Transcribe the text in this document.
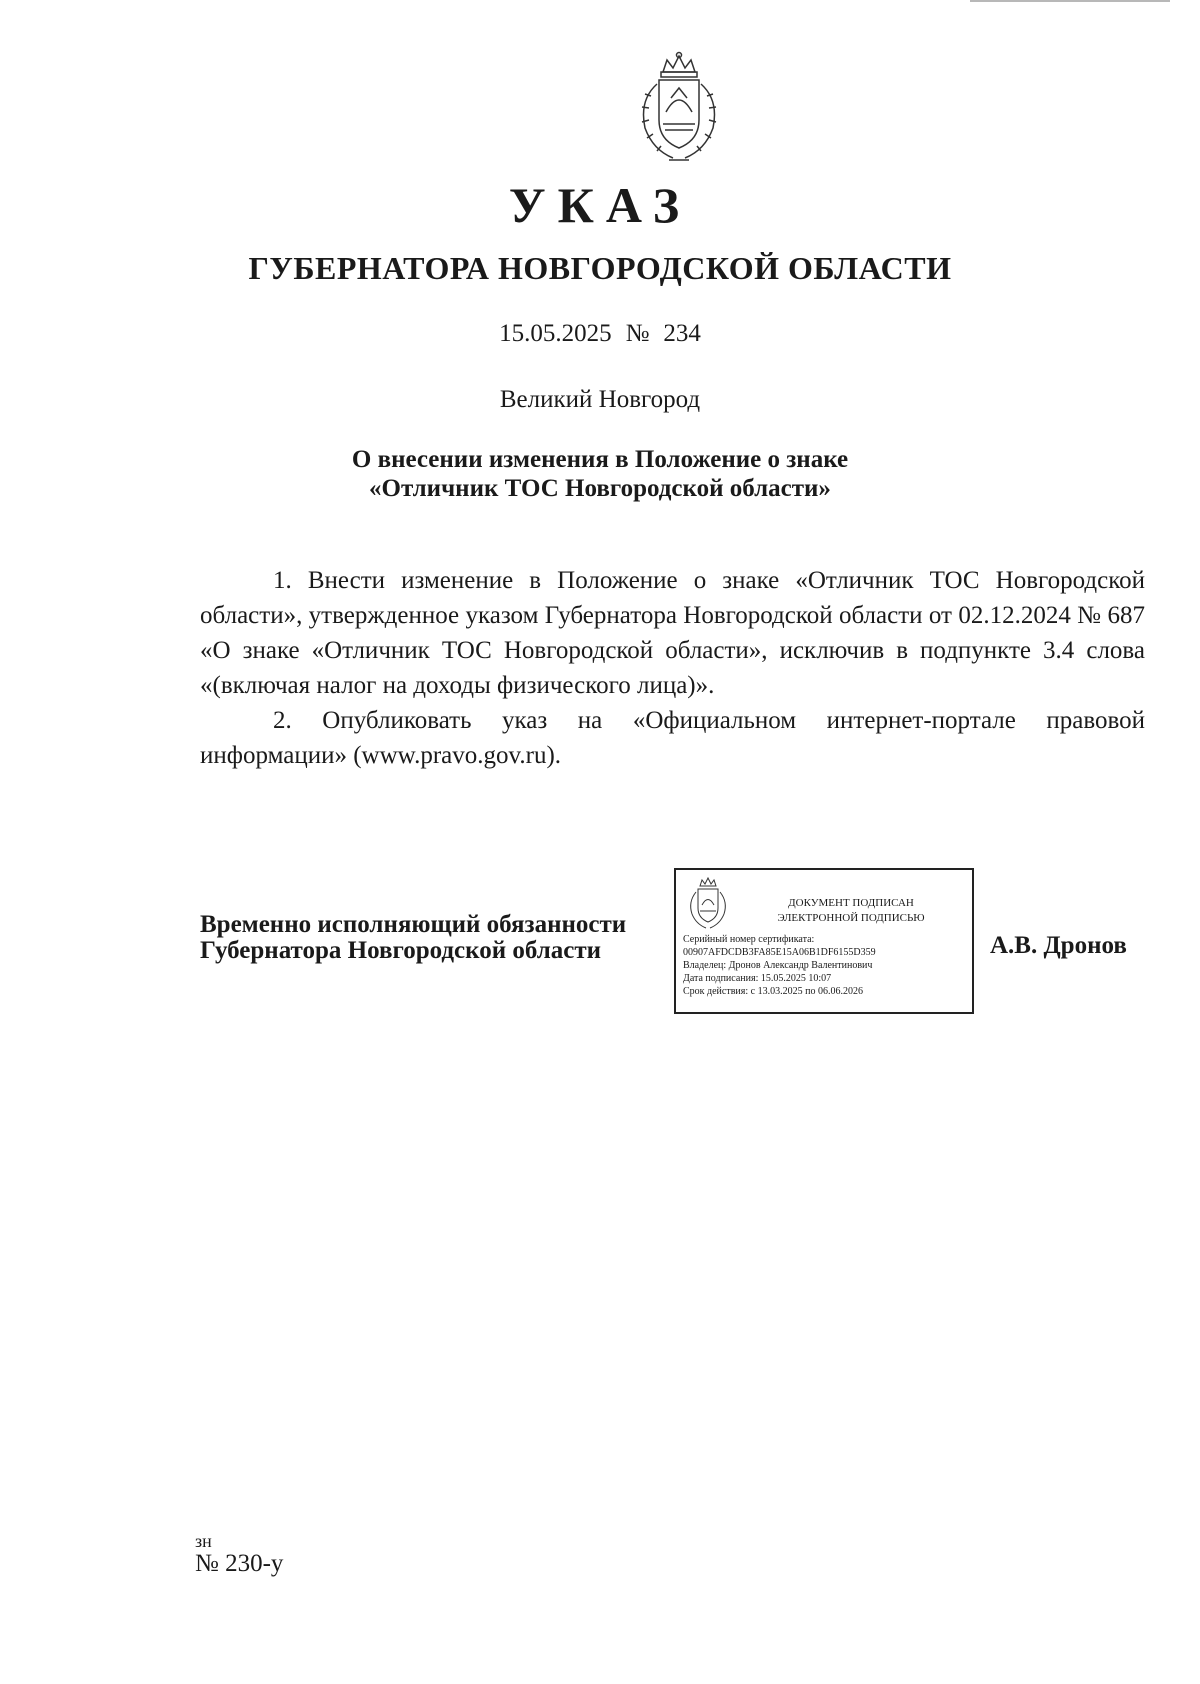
УКАЗ
ГУБЕРНАТОРА НОВГОРОДСКОЙ ОБЛАСТИ
15.05.2025 № 234
Великий Новгород
О внесении изменения в Положение о знаке
«Отличник ТОС Новгородской области»

1. Внести изменение в Положение о знаке «Отличник ТОС Новгородской области», утвержденное указом Губернатора Новгородской области от 02.12.2024 № 687 «О знаке «Отличник ТОС Новгородской области», исключив в подпункте 3.4 слова «(включая налог на доходы физического лица)».

2. Опубликовать указ на «Официальном интернет-портале правовой информации» (www.pravo.gov.ru).

Временно исполняющий обязанности
Губернатора Новгородской области
ДОКУМЕНТ ПОДПИСАН
ЭЛЕКТРОННОЙ ПОДПИСЬЮ
Серийный номер сертификата:
00907AFDCDB3FA85E15A06B1DF6155D359
Владелец: Дронов Александр Валентинович
Дата подписания: 15.05.2025 10:07
Срок действия: с 13.03.2025 по 06.06.2026
А.В. Дронов
зн
№ 230-у
